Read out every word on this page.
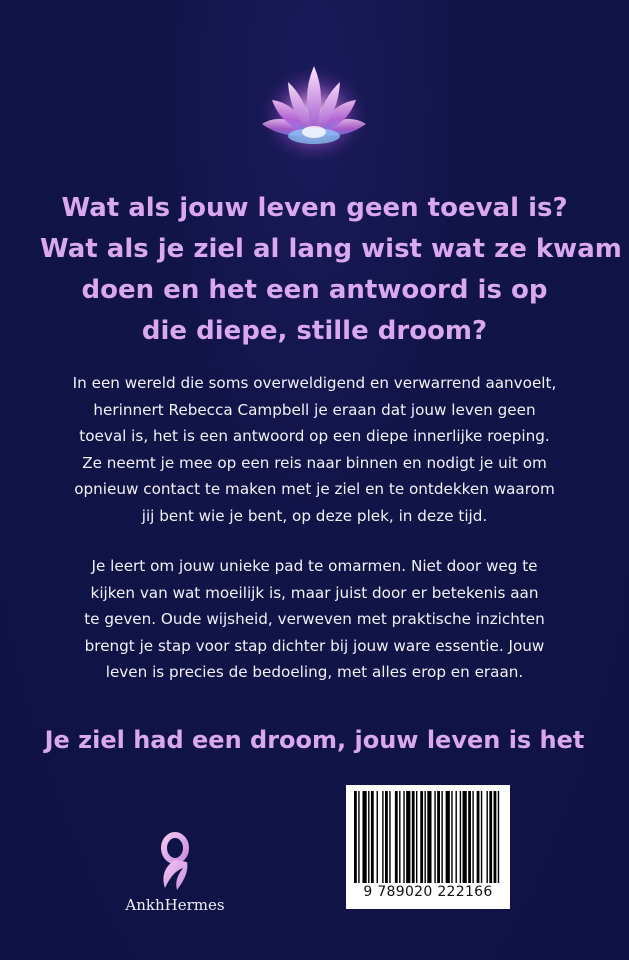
Wat als jouw leven geen toeval is?
Wat als je ziel al lang wist wat ze kwam
doen en het een antwoord is op
die diepe, stille droom?
In een wereld die soms overweldigend en verwarrend aanvoelt,
herinnert Rebecca Campbell je eraan dat jouw leven geen
toeval is, het is een antwoord op een diepe innerlijke roeping.
Ze neemt je mee op een reis naar binnen en nodigt je uit om
opnieuw contact te maken met je ziel en te ontdekken waarom
jij bent wie je bent, op deze plek, in deze tijd.
Je leert om jouw unieke pad te omarmen. Niet door weg te
kijken van wat moeilijk is, maar juist door er betekenis aan
te geven. Oude wijsheid, verweven met praktische inzichten
brengt je stap voor stap dichter bij jouw ware essentie. Jouw
leven is precies de bedoeling, met alles erop en eraan.
Je ziel had een droom, jouw leven is het
AnkhHermes
9 789020 222166
